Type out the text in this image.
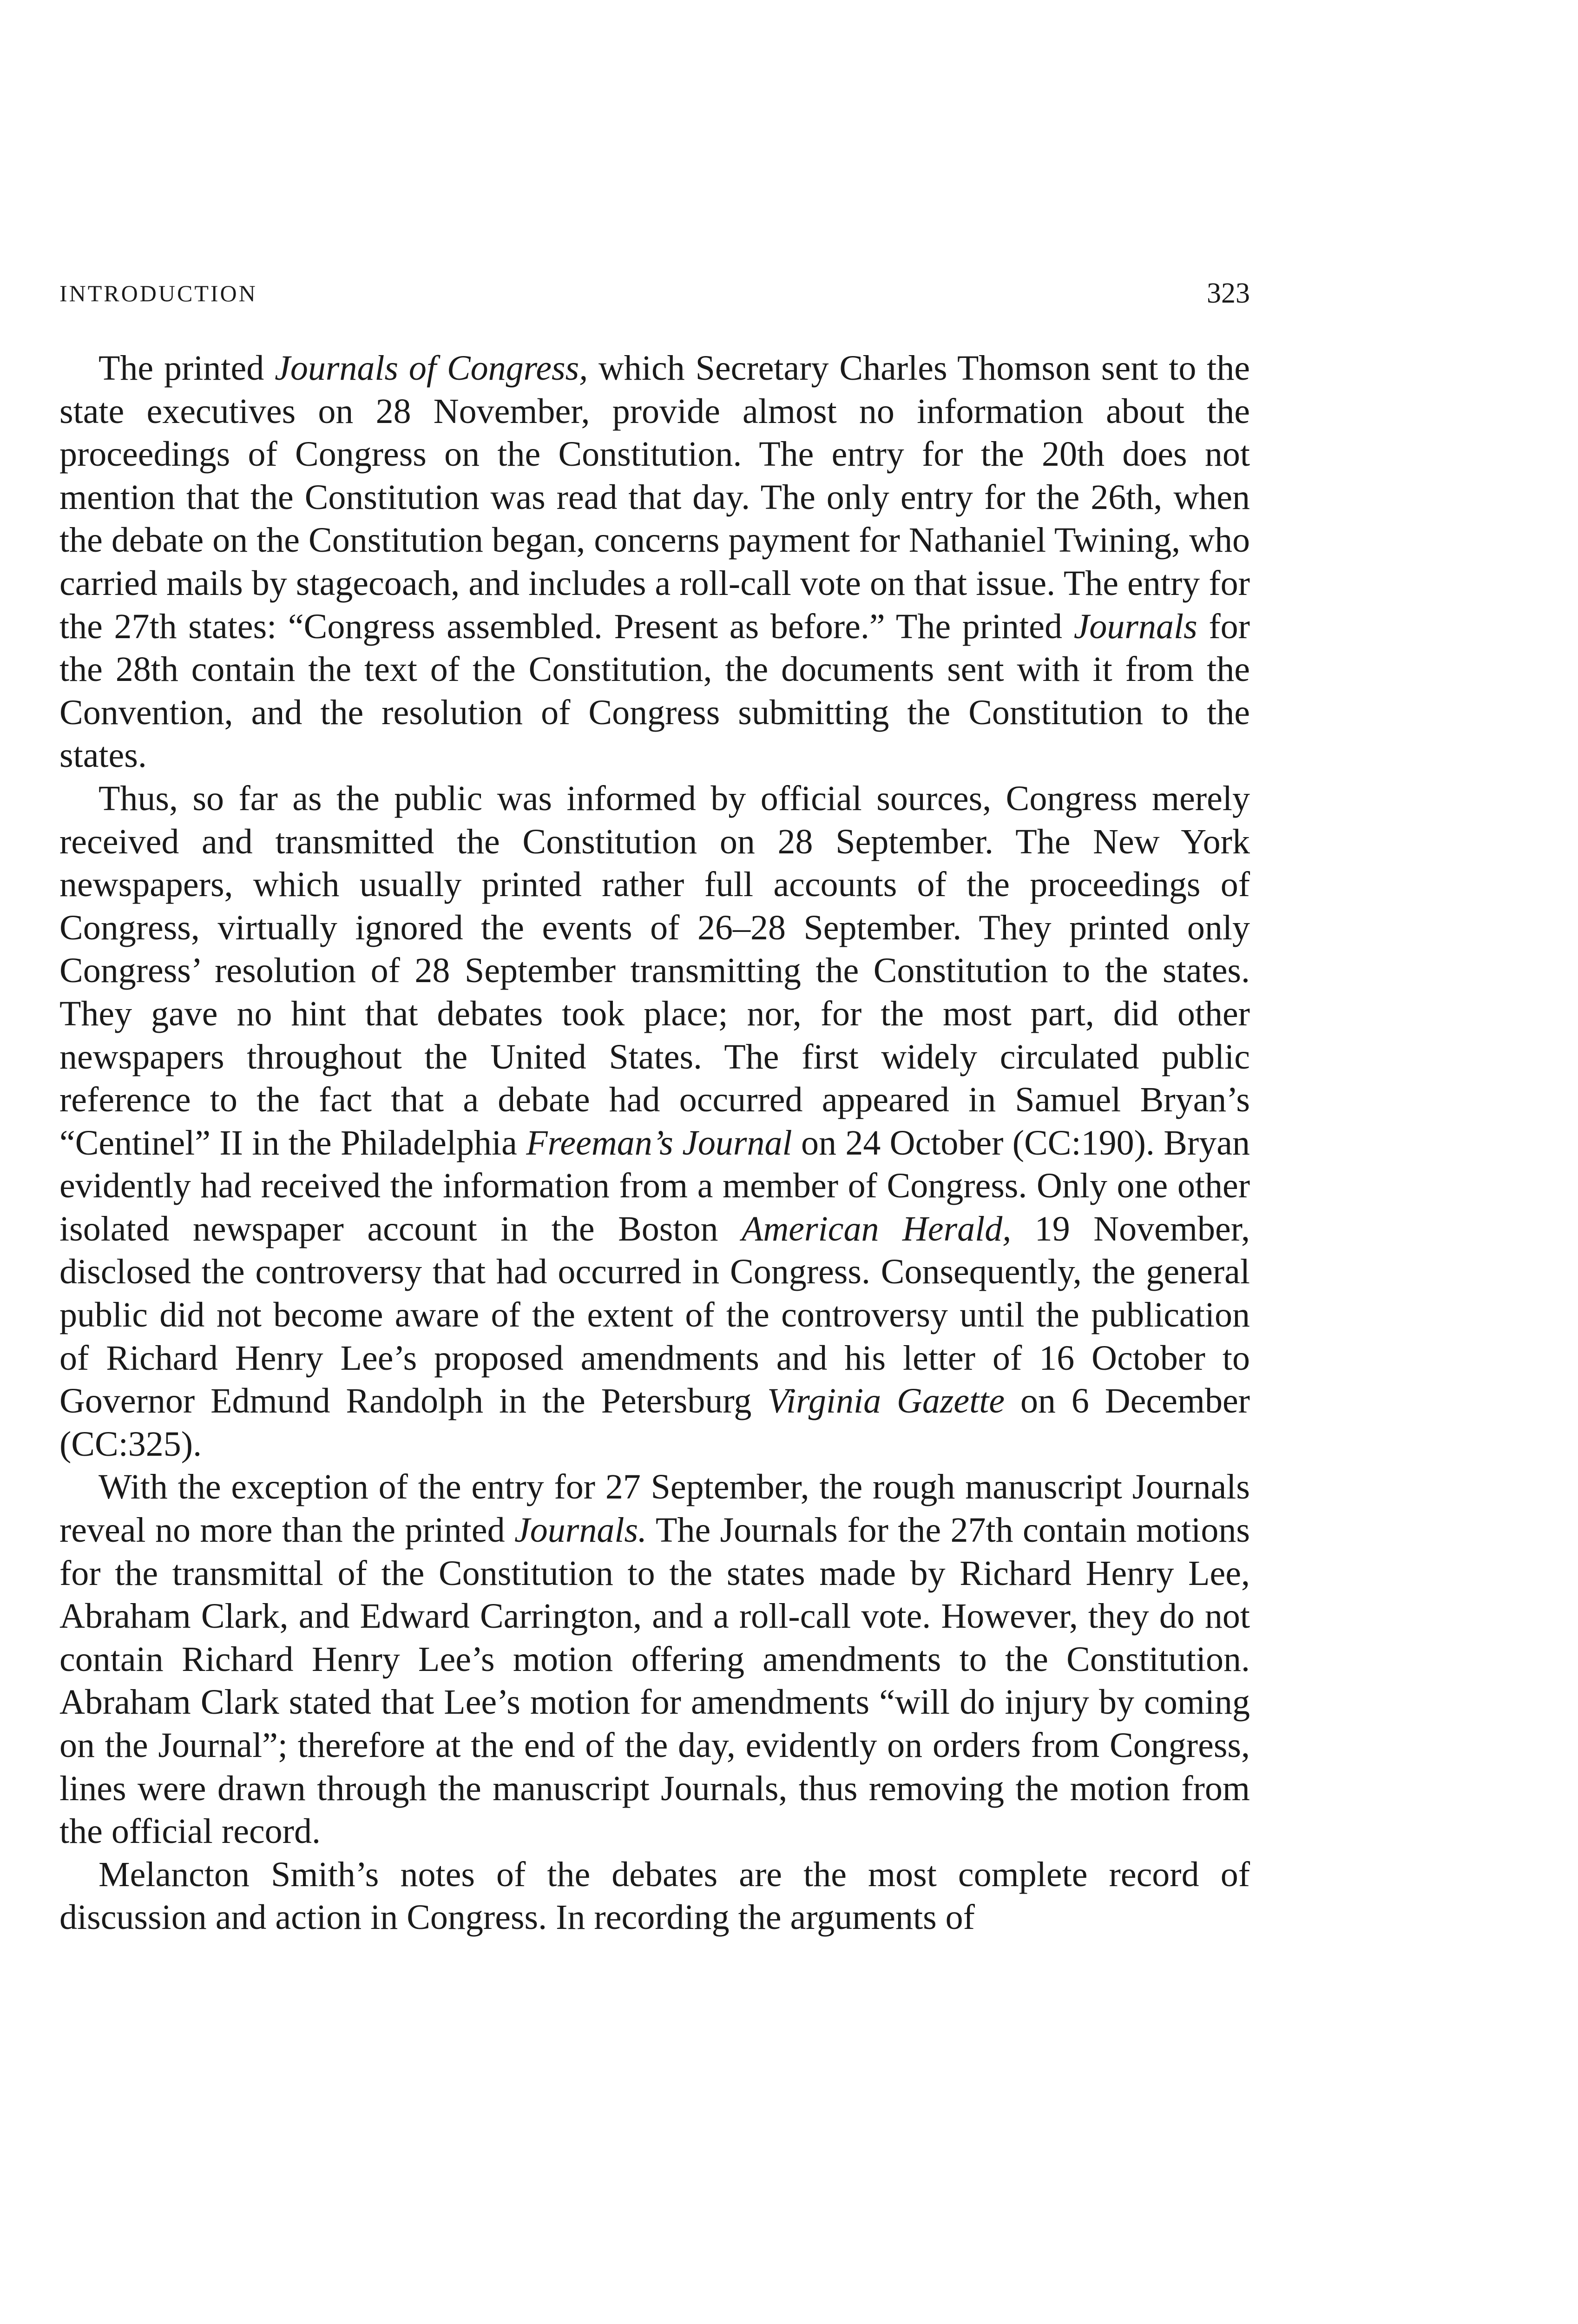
INTRODUCTION	323

The printed Journals of Congress, which Secretary Charles Thomson sent to the state executives on 28 November, provide almost no information about the proceedings of Congress on the Constitution. The entry for the 20th does not mention that the Constitution was read that day. The only entry for the 26th, when the debate on the Constitution began, concerns payment for Nathaniel Twining, who carried mails by stagecoach, and includes a roll-call vote on that issue. The entry for the 27th states: “Congress assembled. Present as before.” The printed Journals for the 28th contain the text of the Constitution, the documents sent with it from the Convention, and the resolution of Congress submitting the Constitution to the states.

Thus, so far as the public was informed by official sources, Congress merely received and transmitted the Constitution on 28 September. The New York newspapers, which usually printed rather full accounts of the proceedings of Congress, virtually ignored the events of 26–28 September. They printed only Congress’ resolution of 28 September transmitting the Constitution to the states. They gave no hint that debates took place; nor, for the most part, did other newspapers throughout the United States. The first widely circulated public reference to the fact that a debate had occurred appeared in Samuel Bryan’s “Centinel” II in the Philadelphia Freeman’s Journal on 24 October (CC:190). Bryan evidently had received the information from a member of Congress. Only one other isolated newspaper account in the Boston American Herald, 19 November, disclosed the controversy that had occurred in Congress. Consequently, the general public did not become aware of the extent of the controversy until the publication of Richard Henry Lee’s proposed amendments and his letter of 16 October to Governor Edmund Randolph in the Petersburg Virginia Gazette on 6 December (CC:325).

With the exception of the entry for 27 September, the rough manuscript Journals reveal no more than the printed Journals. The Journals for the 27th contain motions for the transmittal of the Constitution to the states made by Richard Henry Lee, Abraham Clark, and Edward Carrington, and a roll-call vote. However, they do not contain Richard Henry Lee’s motion offering amendments to the Constitution. Abraham Clark stated that Lee’s motion for amendments “will do injury by coming on the Journal”; therefore at the end of the day, evidently on orders from Congress, lines were drawn through the manuscript Journals, thus removing the motion from the official record.

Melancton Smith’s notes of the debates are the most complete record of discussion and action in Congress. In recording the arguments of
